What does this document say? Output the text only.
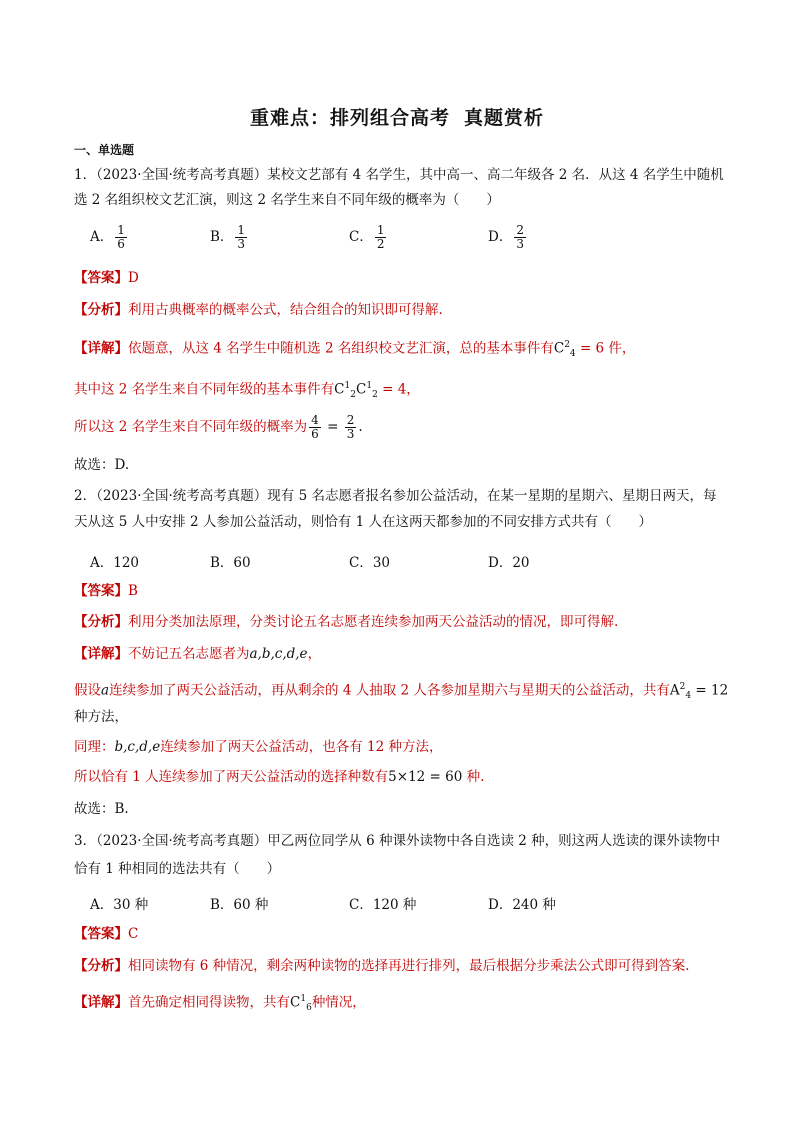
重难点：排列组合高考 真题赏析
一、单选题
1．（2023·全国·统考高考真题）某校文艺部有 4 名学生，其中高一、高二年级各 2 名．从这 4 名学生中随机
选 2 名组织校文艺汇演，则这 2 名学生来自不同年级的概率为（　　）
A． $\frac{1}{6}$	B． $\frac{1}{3}$	C． $\frac{1}{2}$	D． $\frac{2}{3}$
【答案】D
【分析】利用古典概率的概率公式，结合组合的知识即可得解.
【详解】依题意，从这 4 名学生中随机选 2 名组织校文艺汇演，总的基本事件有$C^2_4 = 6$ 件，
其中这 2 名学生来自不同年级的基本事件有$C^1_2C^1_2 = 4$，
所以这 2 名学生来自不同年级的概率为 $\frac{4}{6} = \frac{2}{3}$ .
故选：D.
2．（2023·全国·统考高考真题）现有 5 名志愿者报名参加公益活动，在某一星期的星期六、星期日两天，每
天从这 5 人中安排 2 人参加公益活动，则恰有 1 人在这两天都参加的不同安排方式共有（　　）
A．120	B．60	C．30	D．20
【答案】B
【分析】利用分类加法原理，分类讨论五名志愿者连续参加两天公益活动的情况，即可得解.
【详解】不妨记五名志愿者为a,b,c,d,e，
假设a连续参加了两天公益活动，再从剩余的 4 人抽取 2 人各参加星期六与星期天的公益活动，共有$A^2_4 = 12$
种方法，
同理：b,c,d,e连续参加了两天公益活动，也各有 12 种方法，
所以恰有 1 人连续参加了两天公益活动的选择种数有5×12 = 60 种.
故选：B.
3．（2023·全国·统考高考真题）甲乙两位同学从 6 种课外读物中各自选读 2 种，则这两人选读的课外读物中
恰有 1 种相同的选法共有（　　）
A．30 种	B．60 种	C．120 种	D．240 种
【答案】C
【分析】相同读物有 6 种情况，剩余两种读物的选择再进行排列，最后根据分步乘法公式即可得到答案.
【详解】首先确定相同得读物，共有$C^1_6$种情况，
